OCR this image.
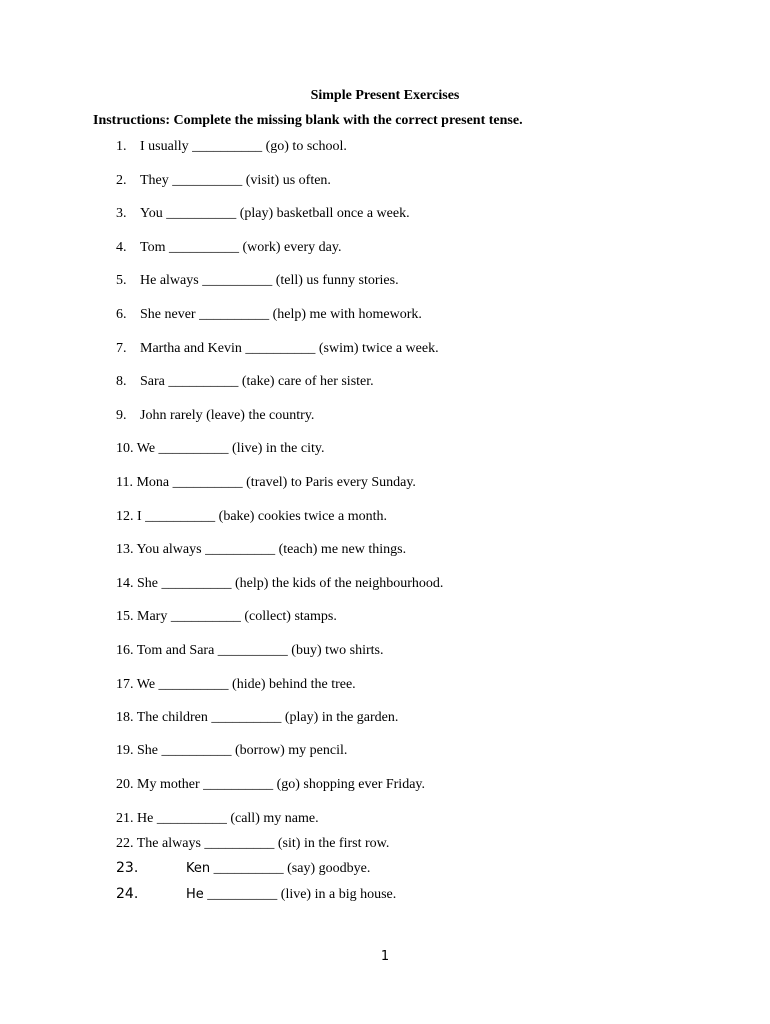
Simple Present Exercises
Instructions: Complete the missing blank with the correct present tense.
1. I usually __________ (go) to school.
2. They __________ (visit) us often.
3. You __________ (play) basketball once a week.
4. Tom __________ (work) every day.
5. He always __________ (tell) us funny stories.
6. She never __________ (help) me with homework.
7. Martha and Kevin __________ (swim) twice a week.
8. Sara __________ (take) care of her sister.
9. John rarely (leave) the country.
10. We __________ (live) in the city.
11. Mona __________ (travel) to Paris every Sunday.
12. I __________ (bake) cookies twice a month.
13. You always __________ (teach) me new things.
14. She __________ (help) the kids of the neighbourhood.
15. Mary __________ (collect) stamps.
16. Tom and Sara __________ (buy) two shirts.
17. We __________ (hide) behind the tree.
18. The children __________ (play) in the garden.
19. She __________ (borrow) my pencil.
20. My mother __________ (go) shopping ever Friday.
21. He __________ (call) my name.
22. The always __________ (sit) in the first row.
23.	Ken __________ (say) goodbye.
24.	He __________ (live) in a big house.
1
